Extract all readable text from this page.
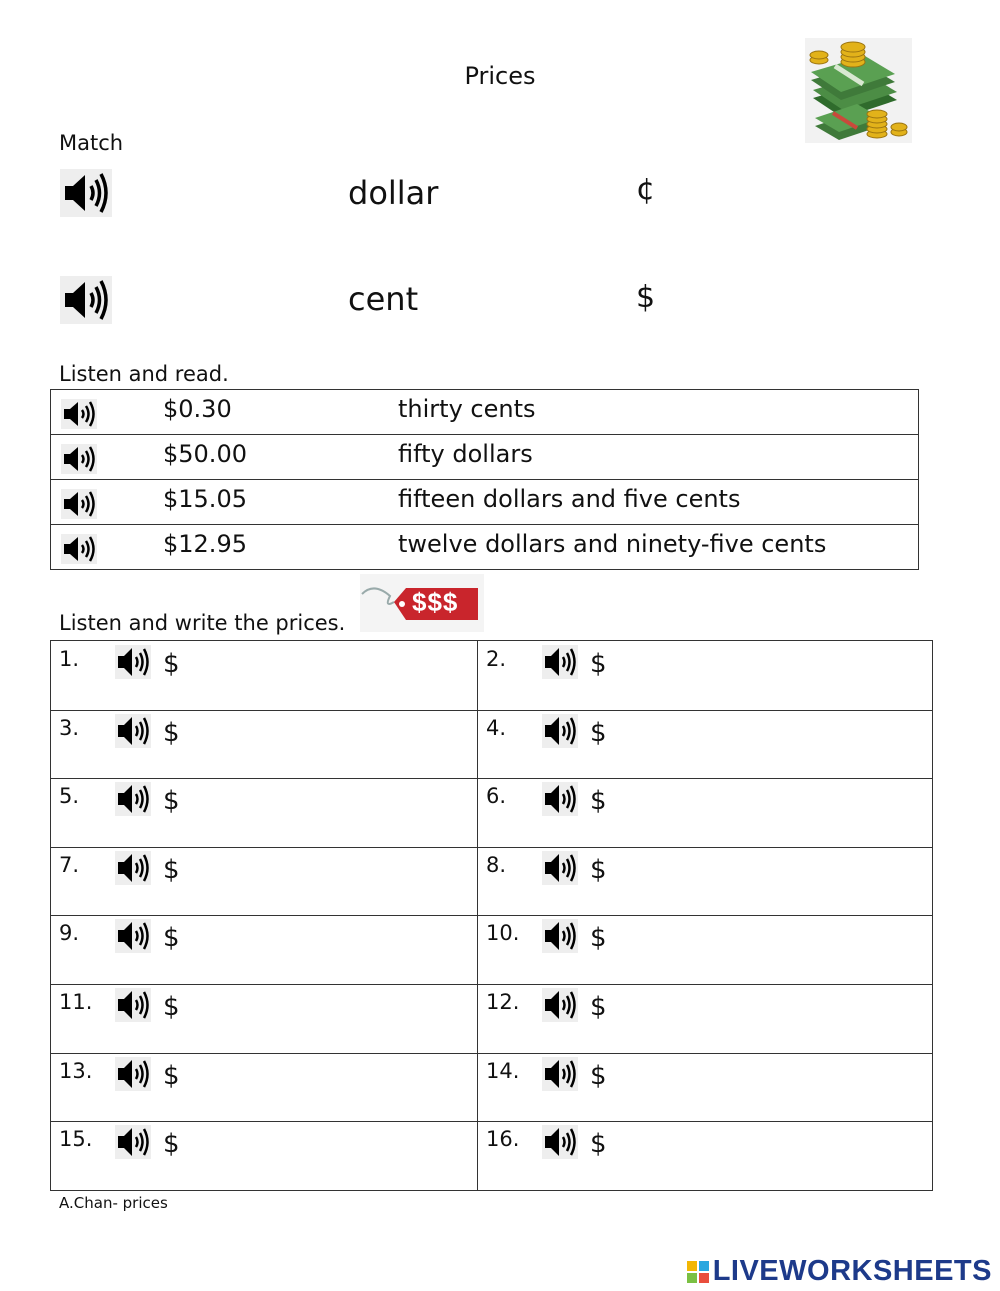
Prices
Match
dollar	¢
cent	$
Listen and read.
$0.30	thirty cents
$50.00	fifty dollars
$15.05	fifteen dollars and five cents
$12.95	twelve dollars and ninety-five cents
Listen and write the prices.
$$$
1.	$	2.	$
3.	$	4.	$
5.	$	6.	$
7.	$	8.	$
9.	$	10.	$
11.	$	12.	$
13.	$	14.	$
15.	$	16.	$
A.Chan- prices
LIVEWORKSHEETS
